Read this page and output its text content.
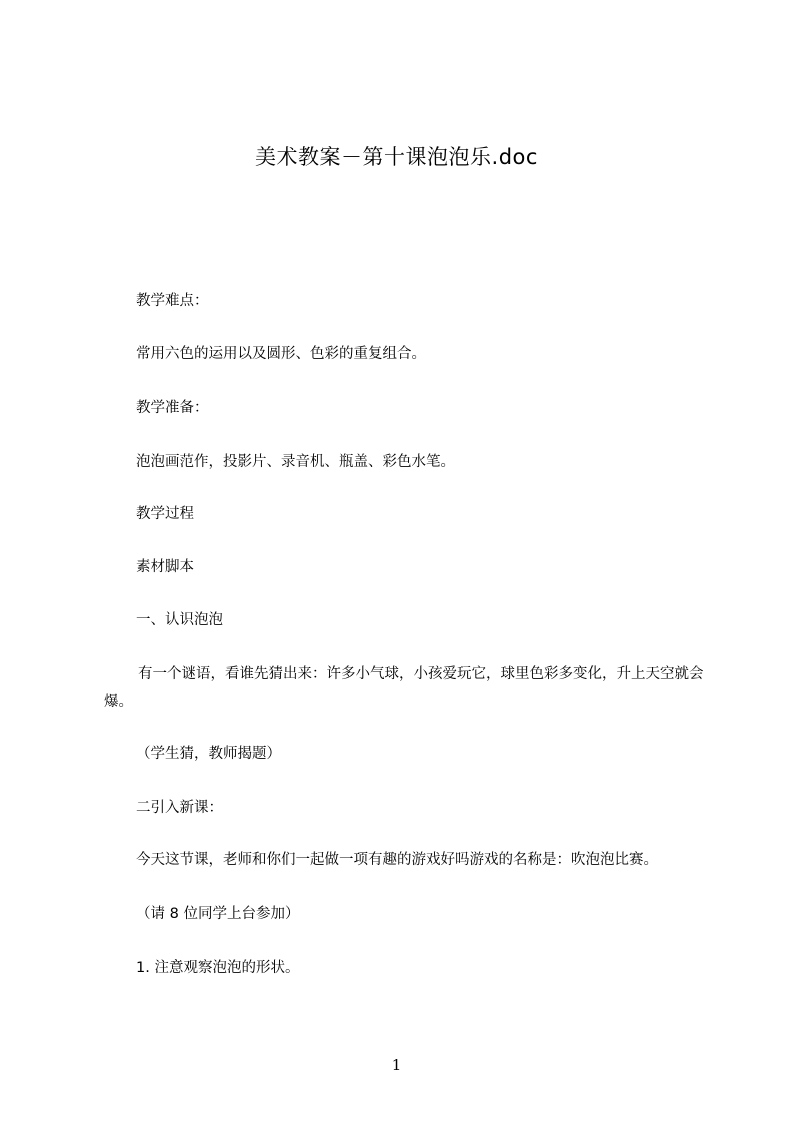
美术教案－第十课泡泡乐.doc
教学难点：
常用六色的运用以及圆形、色彩的重复组合。
教学准备：
泡泡画范作，投影片、录音机、瓶盖、彩色水笔。
教学过程
素材脚本
一、认识泡泡
有一个谜语，看谁先猜出来：许多小气球，小孩爱玩它，球里色彩多变化，升上天空就会爆。
（学生猜，教师揭题）
二引入新课：
今天这节课，老师和你们一起做一项有趣的游戏好吗游戏的名称是：吹泡泡比赛。
（请 8 位同学上台参加）
1. 注意观察泡泡的形状。
1
